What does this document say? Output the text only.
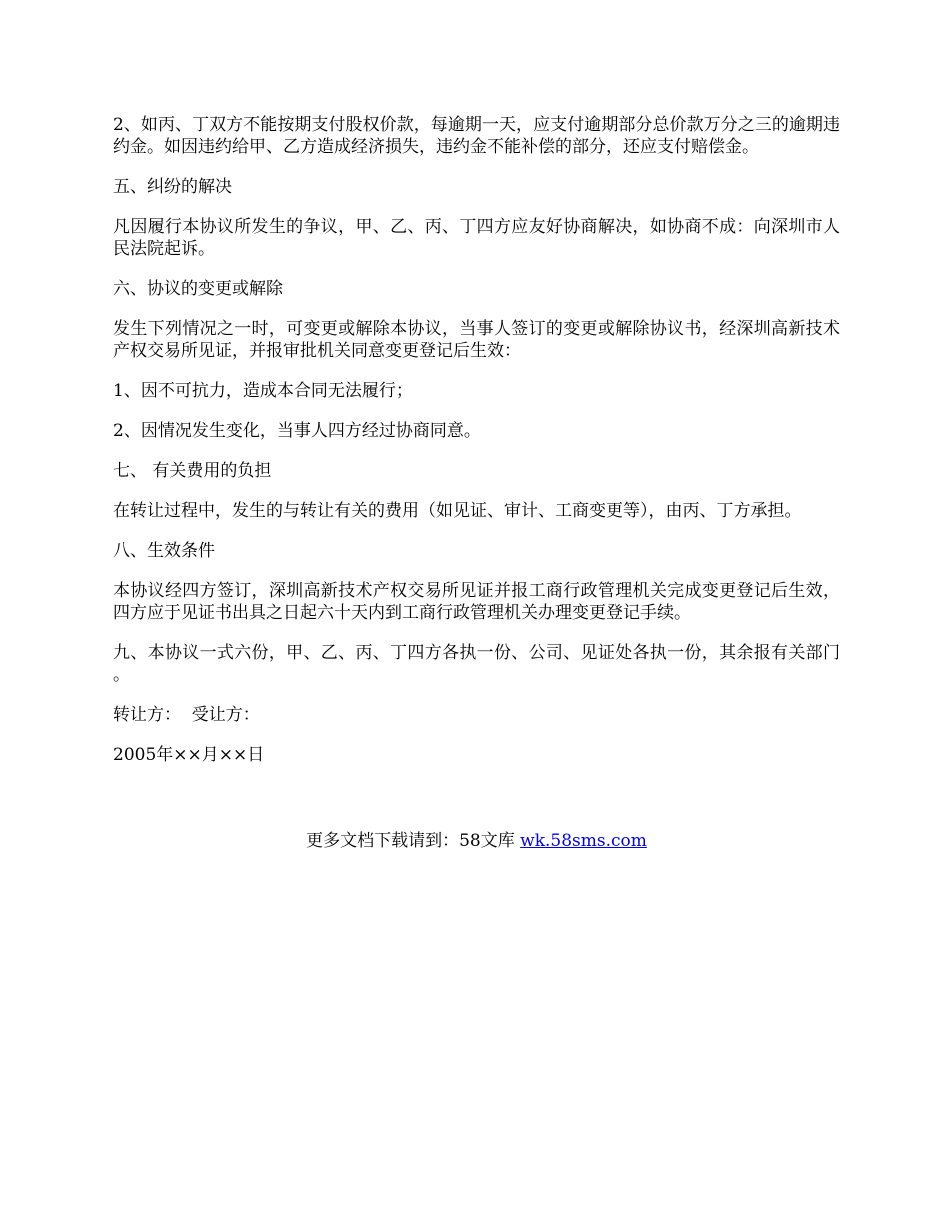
2、如丙、丁双方不能按期支付股权价款，每逾期一天，应支付逾期部分总价款万分之三的逾期违约金。如因违约给甲、乙方造成经济损失，违约金不能补偿的部分，还应支付赔偿金。

五、纠纷的解决

凡因履行本协议所发生的争议，甲、乙、丙、丁四方应友好协商解决，如协商不成：向深圳市人民法院起诉。

六、协议的变更或解除

发生下列情况之一时，可变更或解除本协议，当事人签订的变更或解除协议书，经深圳高新技术产权交易所见证，并报审批机关同意变更登记后生效：

1、因不可抗力，造成本合同无法履行；

2、因情况发生变化，当事人四方经过协商同意。

七、 有关费用的负担

在转让过程中，发生的与转让有关的费用（如见证、审计、工商变更等），由丙、丁方承担。

八、生效条件

本协议经四方签订，深圳高新技术产权交易所见证并报工商行政管理机关完成变更登记后生效，四方应于见证书出具之日起六十天内到工商行政管理机关办理变更登记手续。

九、本协议一式六份，甲、乙、丙、丁四方各执一份、公司、见证处各执一份，其余报有关部门 。

转让方：  受让方：

2005年××月××日

更多文档下载请到：58文库 wk.58sms.com
